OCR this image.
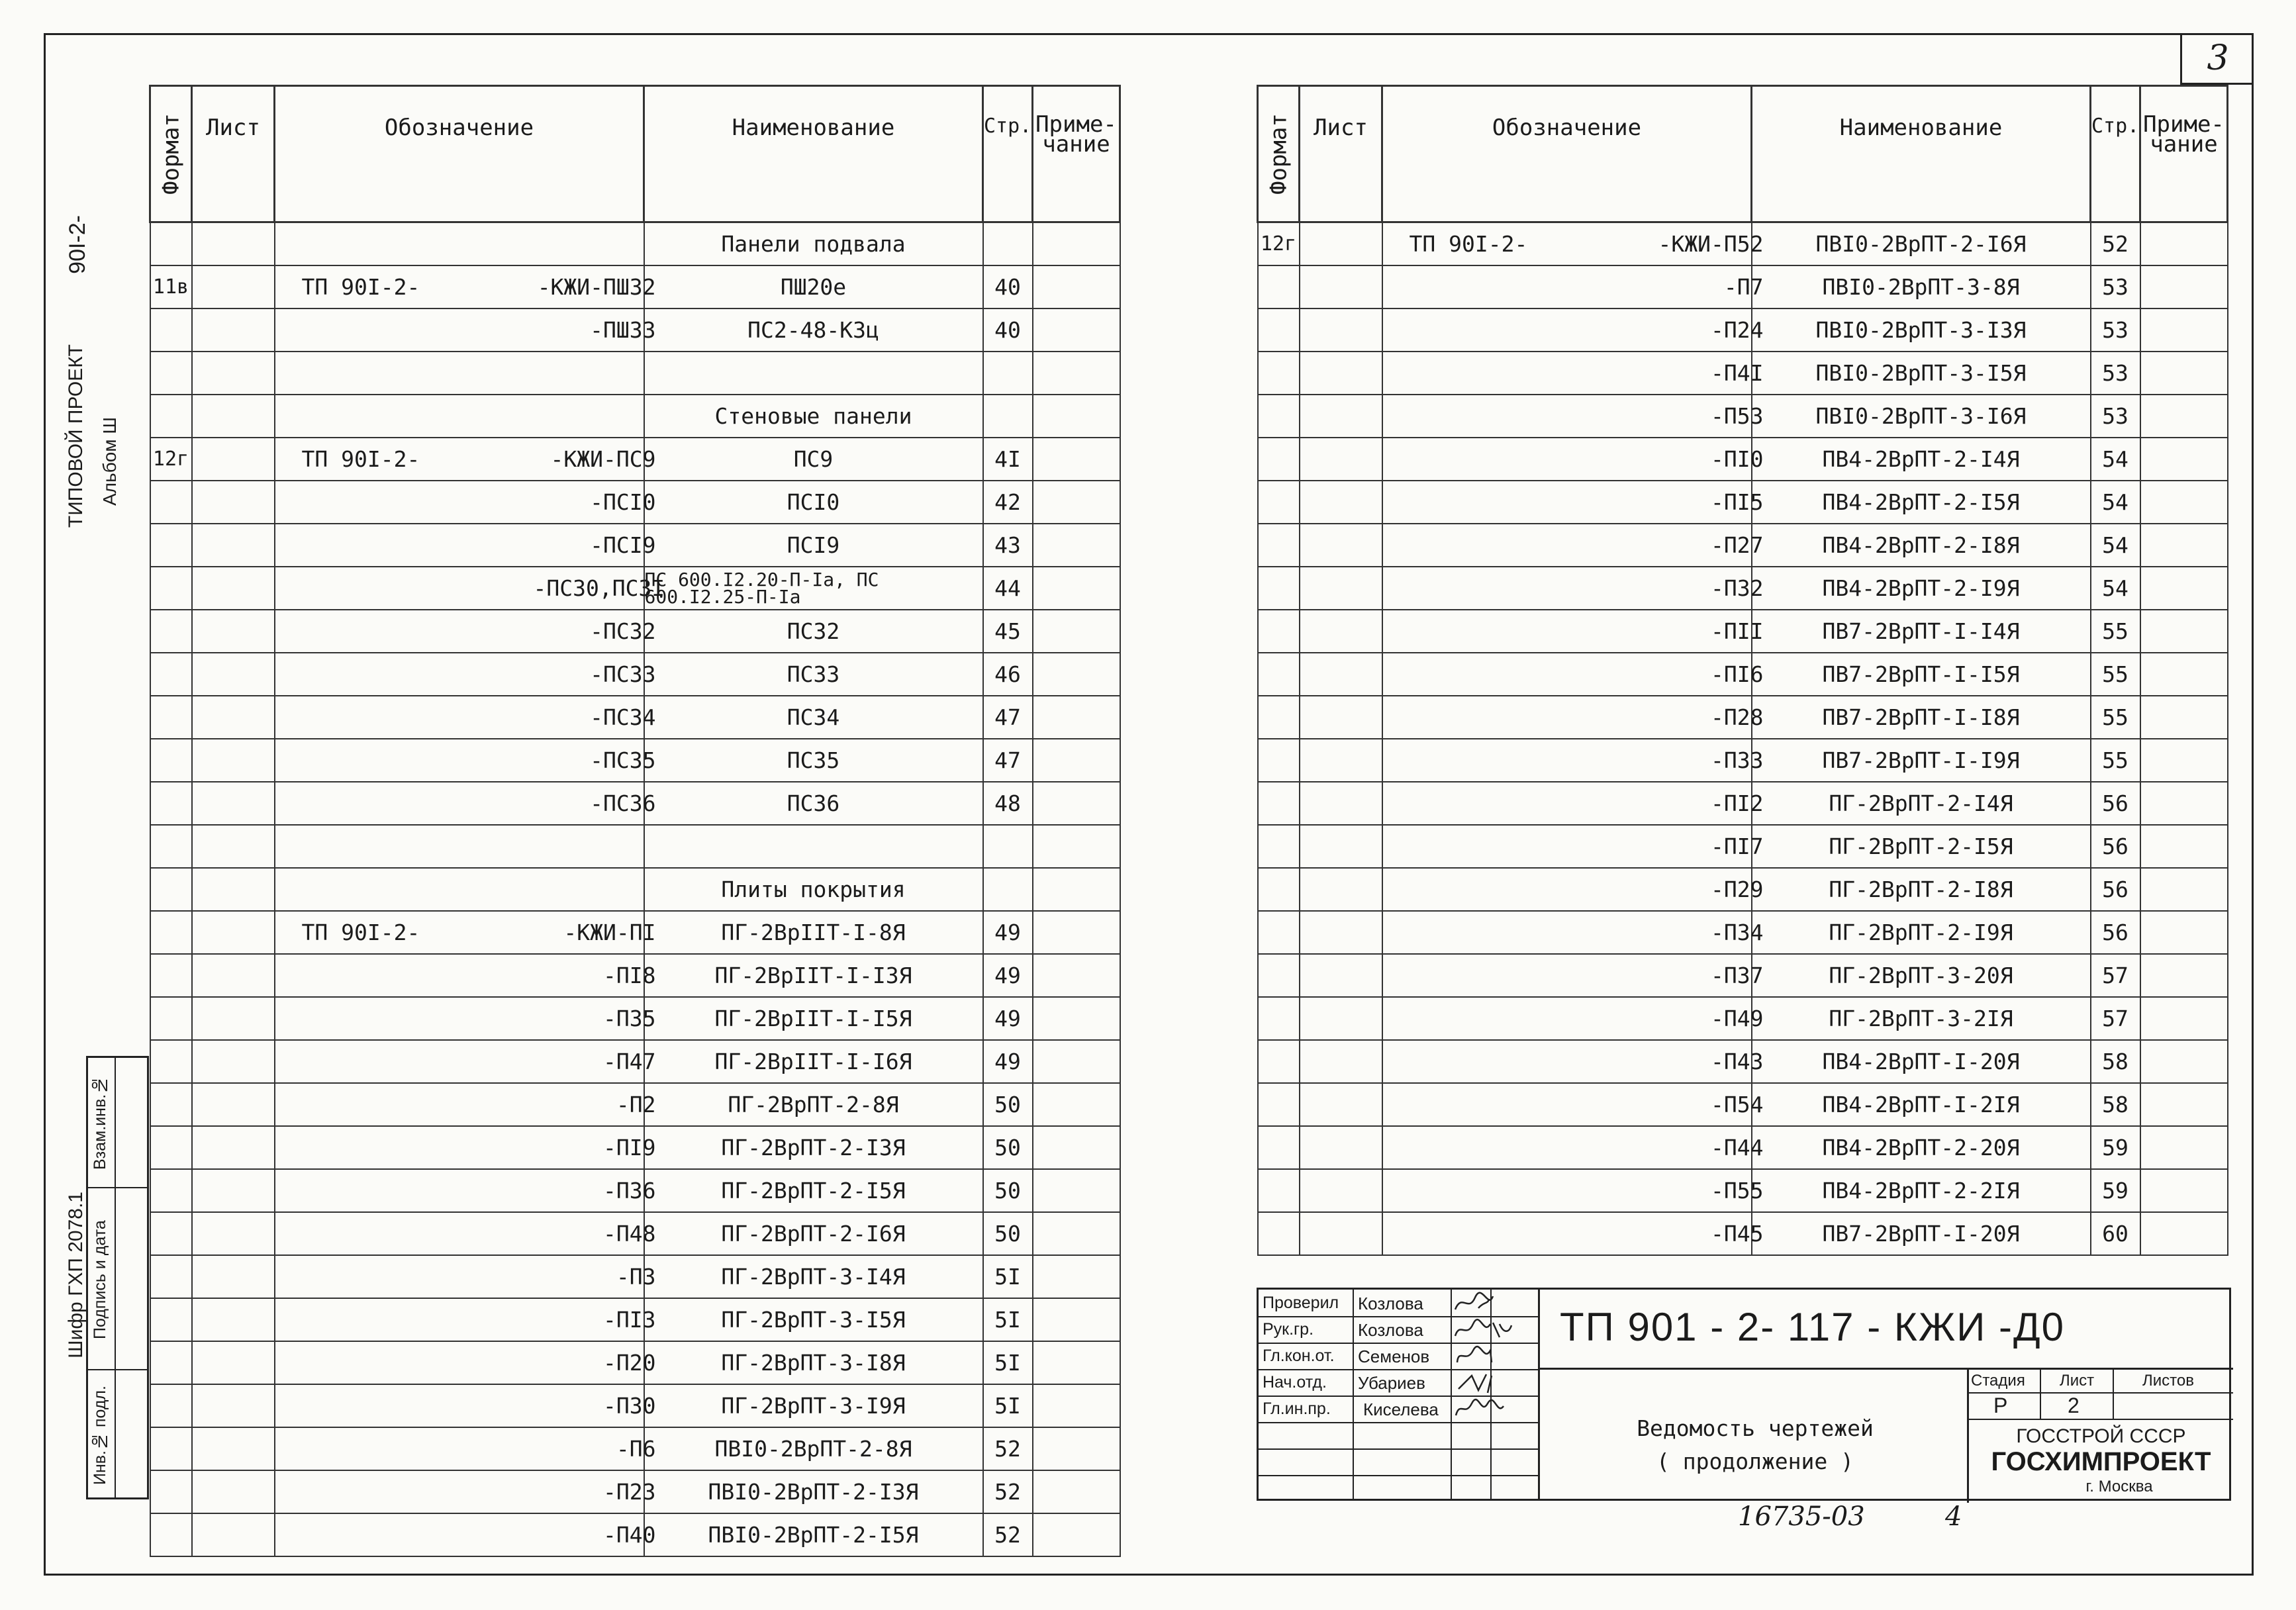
3
ТИПОВОЙ ПРОЕКТ
90I-2-
Альбом Ш
Шифр ГХП 2078.1
Инв.№ подл.
Подпись и дата
Взам.инв.№
Формат	Лист	Обозначение	Наименование	Стр.	Приме-чание
			Панели подвала		
11в		ТП 90I-2- -КЖИ-ПШ32	ПШ20е	40	
		-ПШ33	ПС2-48-КЗц	40	

			Стеновые панели		
12г		ТП 90I-2- -КЖИ-ПС9	ПС9	4I	
		-ПСI0	ПСI0	42	
		-ПСI9	ПСI9	43	
		-ПС30,ПС3I	ПС 600.I2.20-П-Iа, ПС 600.I2.25-П-Iа	44	
		-ПС32	ПС32	45	
		-ПС33	ПС33	46	
		-ПС34	ПС34	47	
		-ПС35	ПС35	47	
		-ПС36	ПС36	48	

			Плиты покрытия		
		ТП 90I-2- -КЖИ-ПI	ПГ-2ВрIIТ-I-8Я	49	
		-ПI8	ПГ-2ВрIIТ-I-I3Я	49	
		-П35	ПГ-2ВрIIТ-I-I5Я	49	
		-П47	ПГ-2ВрIIТ-I-I6Я	49	
		-П2	ПГ-2ВрПТ-2-8Я	50	
		-ПI9	ПГ-2ВрПТ-2-I3Я	50	
		-П36	ПГ-2ВрПТ-2-I5Я	50	
		-П48	ПГ-2ВрПТ-2-I6Я	50	
		-П3	ПГ-2ВрПТ-3-I4Я	5I	
		-ПI3	ПГ-2ВрПТ-3-I5Я	5I	
		-П20	ПГ-2ВрПТ-3-I8Я	5I	
		-П30	ПГ-2ВрПТ-3-I9Я	5I	
		-П6	ПВI0-2ВрПТ-2-8Я	52	
		-П23	ПВI0-2ВрПТ-2-I3Я	52	
		-П40	ПВI0-2ВрПТ-2-I5Я	52	
Формат	Лист	Обозначение	Наименование	Стр.	Приме-чание
12г		ТП 90I-2- -КЖИ-П52	ПВI0-2ВрПТ-2-I6Я	52	
		-П7	ПВI0-2ВрПТ-3-8Я	53	
		-П24	ПВI0-2ВрПТ-3-I3Я	53	
		-П4I	ПВI0-2ВрПТ-3-I5Я	53	
		-П53	ПВI0-2ВрПТ-3-I6Я	53	
		-ПI0	ПВ4-2ВрПТ-2-I4Я	54	
		-ПI5	ПВ4-2ВрПТ-2-I5Я	54	
		-П27	ПВ4-2ВрПТ-2-I8Я	54	
		-П32	ПВ4-2ВрПТ-2-I9Я	54	
		-ПII	ПВ7-2ВрПТ-I-I4Я	55	
		-ПI6	ПВ7-2ВрПТ-I-I5Я	55	
		-П28	ПВ7-2ВрПТ-I-I8Я	55	
		-П33	ПВ7-2ВрПТ-I-I9Я	55	
		-ПI2	ПГ-2ВрПТ-2-I4Я	56	
		-ПI7	ПГ-2ВрПТ-2-I5Я	56	
		-П29	ПГ-2ВрПТ-2-I8Я	56	
		-П34	ПГ-2ВрПТ-2-I9Я	56	
		-П37	ПГ-2ВрПТ-3-20Я	57	
		-П49	ПГ-2ВрПТ-3-2IЯ	57	
		-П43	ПВ4-2ВрПТ-I-20Я	58	
		-П54	ПВ4-2ВрПТ-I-2IЯ	58	
		-П44	ПВ4-2ВрПТ-2-20Я	59	
		-П55	ПВ4-2ВрПТ-2-2IЯ	59	
		-П45	ПВ7-2ВрПТ-I-20Я	60	
Проверил
Рук.гр.
Гл.кон.от.
Нач.отд.
Гл.ин.пр.
Козлова
Козлова
Семенов
Убариев
Киселева
ТП 901 - 2- 117 - КЖИ -Д0
Ведомость чертежей
( продолжение )
Стадия Лист	Листов
Р	2
ГОССТРОЙ СССР
ГОСХИМПРОЕКТ
г. Москва
16735-03	4
